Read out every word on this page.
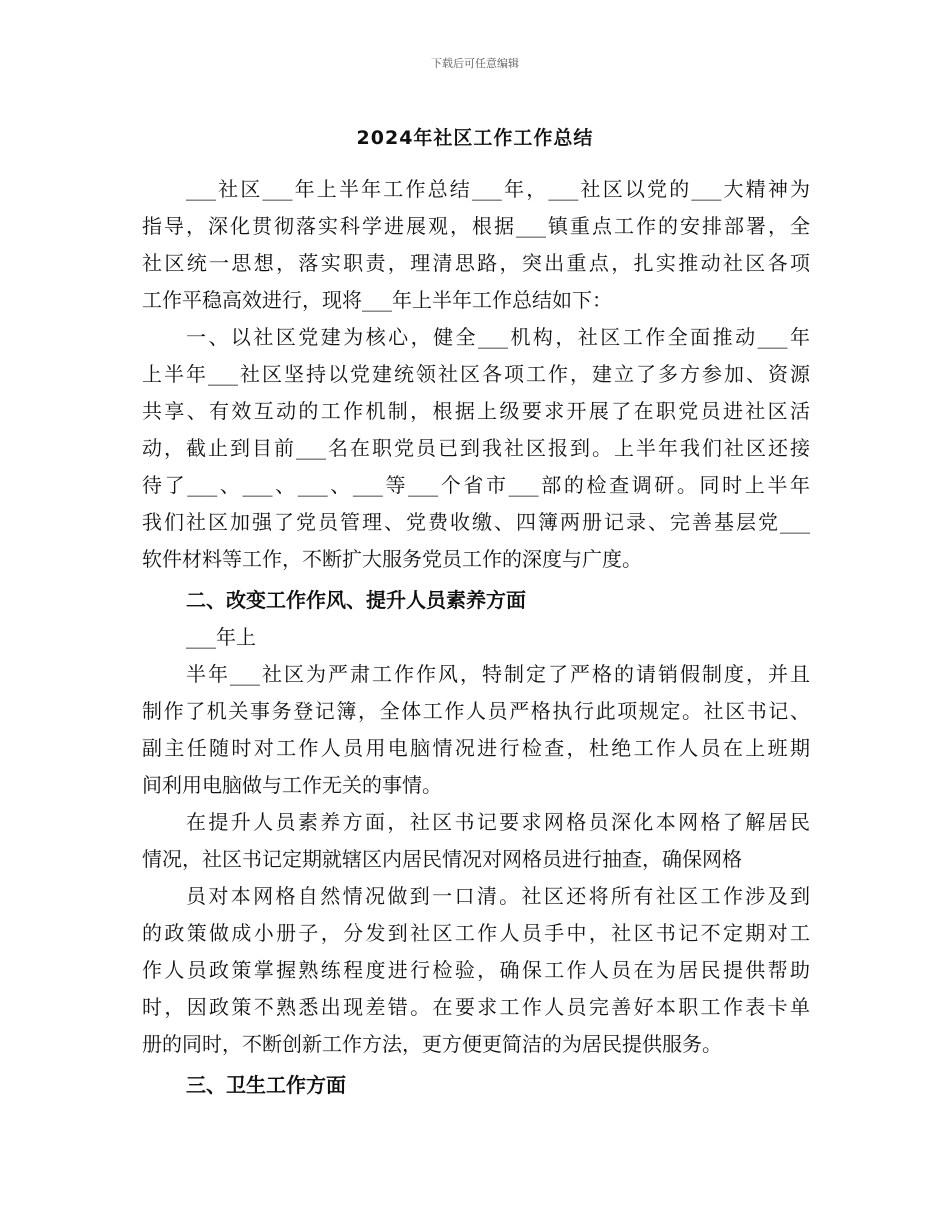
下载后可任意编辑
2024年社区工作工作总结
___社区___年上半年工作总结___年，___社区以党的___大精神为
指导，深化贯彻落实科学进展观，根据___镇重点工作的安排部署，全
社区统一思想，落实职责，理清思路，突出重点，扎实推动社区各项
工作平稳高效进行，现将___年上半年工作总结如下：
一、以社区党建为核心，健全___机构，社区工作全面推动___年
上半年___社区坚持以党建统领社区各项工作，建立了多方参加、资源
共享、有效互动的工作机制，根据上级要求开展了在职党员进社区活
动，截止到目前___名在职党员已到我社区报到。上半年我们社区还接
待了___、___、___、___等___个省市___部的检查调研。同时上半年
我们社区加强了党员管理、党费收缴、四簿两册记录、完善基层党___
软件材料等工作，不断扩大服务党员工作的深度与广度。
二、改变工作作风、提升人员素养方面
___年上
半年___社区为严肃工作作风，特制定了严格的请销假制度，并且
制作了机关事务登记簿，全体工作人员严格执行此项规定。社区书记、
副主任随时对工作人员用电脑情况进行检查，杜绝工作人员在上班期
间利用电脑做与工作无关的事情。
在提升人员素养方面，社区书记要求网格员深化本网格了解居民
情况，社区书记定期就辖区内居民情况对网格员进行抽查，确保网格
员对本网格自然情况做到一口清。社区还将所有社区工作涉及到
的政策做成小册子，分发到社区工作人员手中，社区书记不定期对工
作人员政策掌握熟练程度进行检验，确保工作人员在为居民提供帮助
时，因政策不熟悉出现差错。在要求工作人员完善好本职工作表卡单
册的同时，不断创新工作方法，更方便更简洁的为居民提供服务。
三、卫生工作方面
